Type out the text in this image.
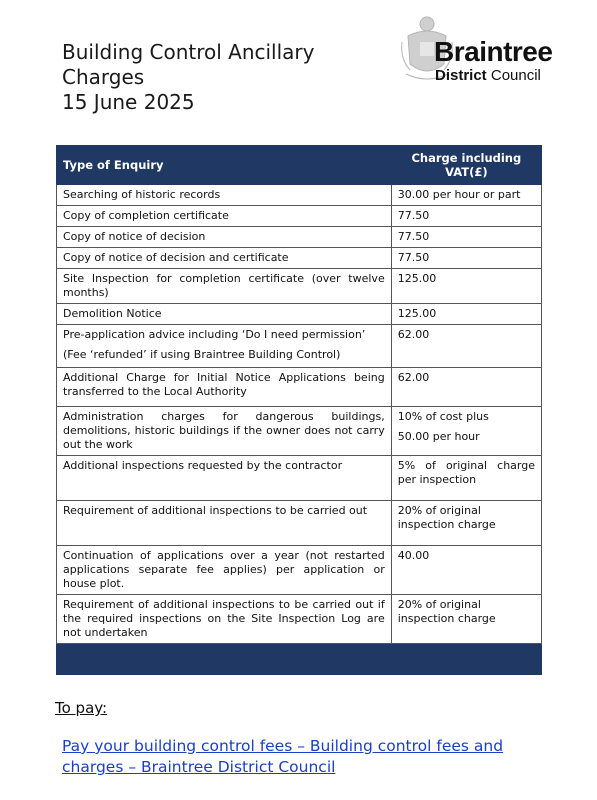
Building Control Ancillary
Charges
15 June 2025
Braintree
District Council
Type of Enquiry	Charge including VAT(£)
Searching of historic records	30.00 per hour or part
Copy of completion certificate	77.50
Copy of notice of decision	77.50
Copy of notice of decision and certificate	77.50
Site Inspection for completion certificate (over twelve months)	125.00
Demolition Notice	125.00
Pre-application advice including ‘Do I need permission’
(Fee ‘refunded’ if using Braintree Building Control)	62.00
Additional Charge for Initial Notice Applications being transferred to the Local Authority	62.00
Administration charges for dangerous buildings, demolitions, historic buildings if the owner does not carry out the work	10% of cost plus
50.00 per hour
Additional inspections requested by the contractor	5% of original charge per inspection
Requirement of additional inspections to be carried out	20% of original inspection charge
Continuation of applications over a year (not restarted applications separate fee applies) per application or house plot.	40.00
Requirement of additional inspections to be carried out if the required inspections on the Site Inspection Log are not undertaken	20% of original inspection charge

To pay:
Pay your building control fees – Building control fees and charges – Braintree District Council
